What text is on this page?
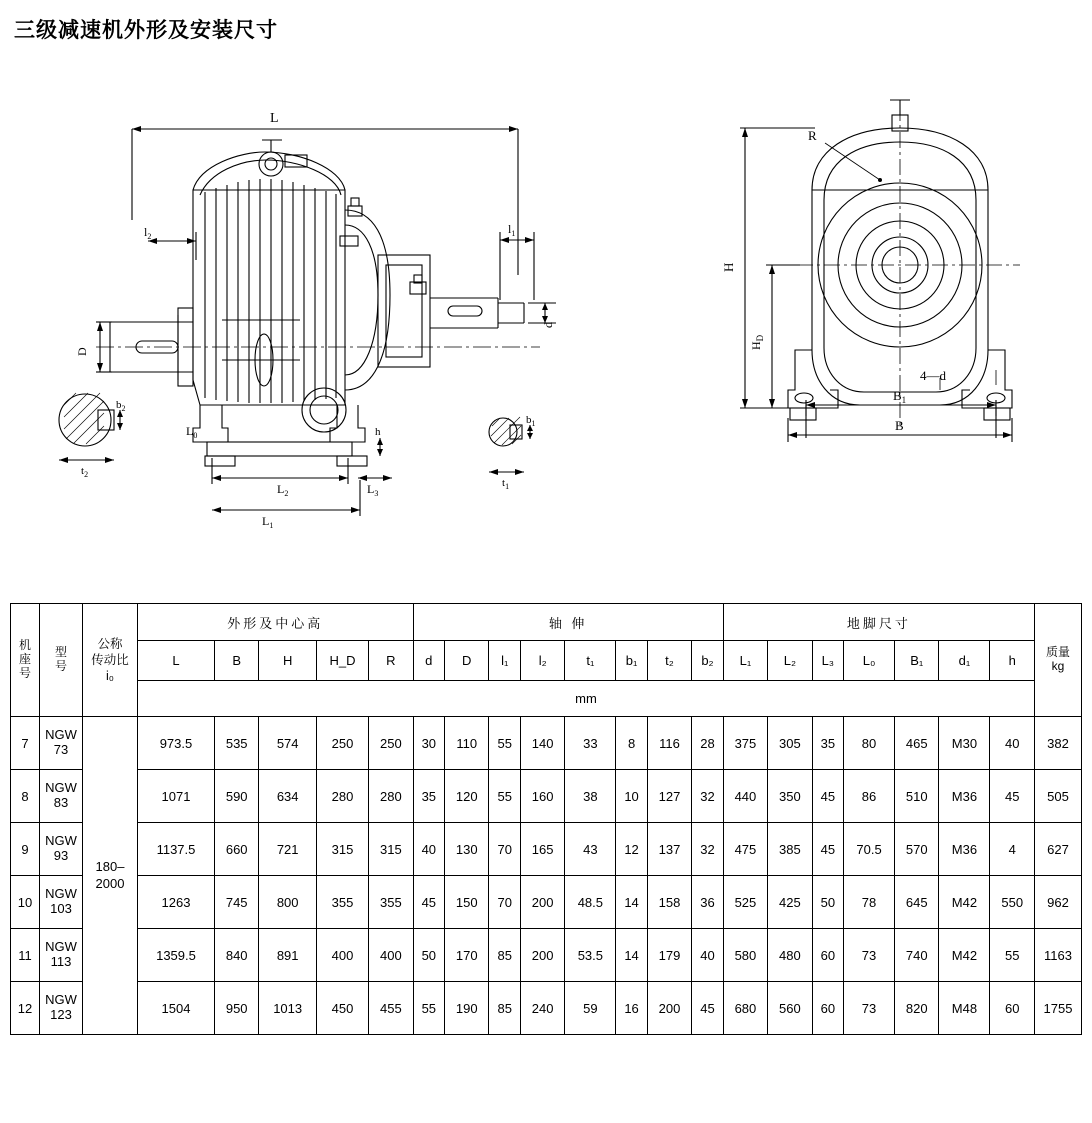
三级减速机外形及安装尺寸
L
$l_2$
D
$l_1$
d
$L_0$	h
$L_2$	$L_3$
$L_1$
$b_2$
$t_2$
$b_1$
$t_1$
R
H
$H_D$
4—d
$B_1$
B
机
座
号

型
号

公称
传动比
i₀
	外形及中心高	轴 伸	地脚尺寸	
质量
kg

			L	B	H	H_D	R	d	D	l₁	l₂	t₁	b₁	t₂	b₂	L₁	L₂	L₃	L₀	B₁	d₁	h	
			mm																				
7	NGW 73	180–2000	973.5	535	574	250	250	30	110	55	140	33	8	116	28	375	305	35	80	465	M30	40	382
8	NGW 83		1071	590	634	280	280	35	120	55	160	38	10	127	32	440	350	45	86	510	M36	45	505
9	NGW 93		1137.5	660	721	315	315	40	130	70	165	43	12	137	32	475	385	45	70.5	570	M36	4	627
10	NGW 103		1263	745	800	355	355	45	150	70	200	48.5	14	158	36	525	425	50	78	645	M42	550	962
11	NGW 113		1359.5	840	891	400	400	50	170	85	200	53.5	14	179	40	580	480	60	73	740	M42	55	1163
12	NGW 123		1504	950	1013	450	455	55	190	85	240	59	16	200	45	680	560	60	73	820	M48	60	1755
